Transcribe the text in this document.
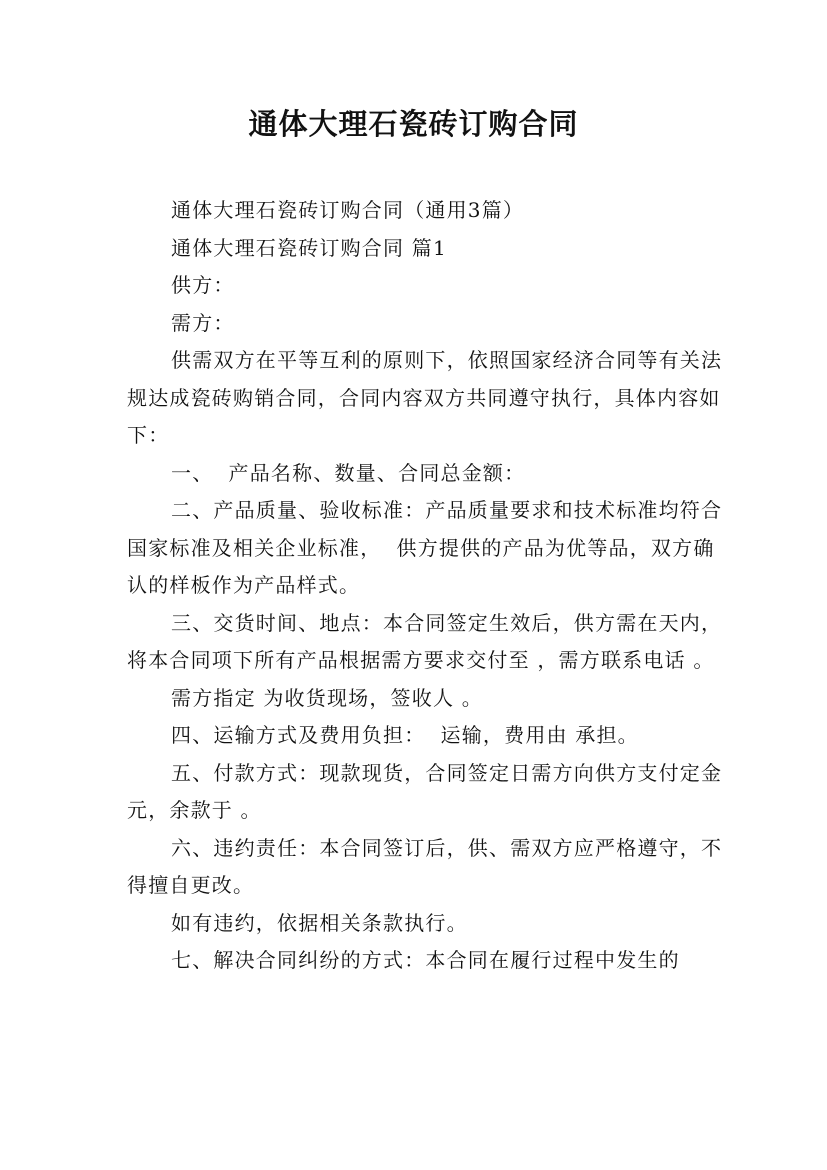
通体大理石瓷砖订购合同

通体大理石瓷砖订购合同（通用3篇）

通体大理石瓷砖订购合同 篇1

供方：

需方：

供需双方在平等互利的原则下，依照国家经济合同等有关法规达成瓷砖购销合同，合同内容双方共同遵守执行，具体内容如下：

一、  产品名称、数量、合同总金额：

二、产品质量、验收标准：产品质量要求和技术标准均符合国家标准及相关企业标准，  供方提供的产品为优等品，双方确认的样板作为产品样式。

三、交货时间、地点：本合同签定生效后，供方需在天内，将本合同项下所有产品根据需方要求交付至 ，需方联系电话 。

需方指定 为收货现场，签收人 。

四、运输方式及费用负担：  运输，费用由 承担。

五、付款方式：现款现货，合同签定日需方向供方支付定金 元，余款于 。

六、违约责任：本合同签订后，供、需双方应严格遵守，不得擅自更改。

如有违约，依据相关条款执行。

七、解决合同纠纷的方式：本合同在履行过程中发生的
